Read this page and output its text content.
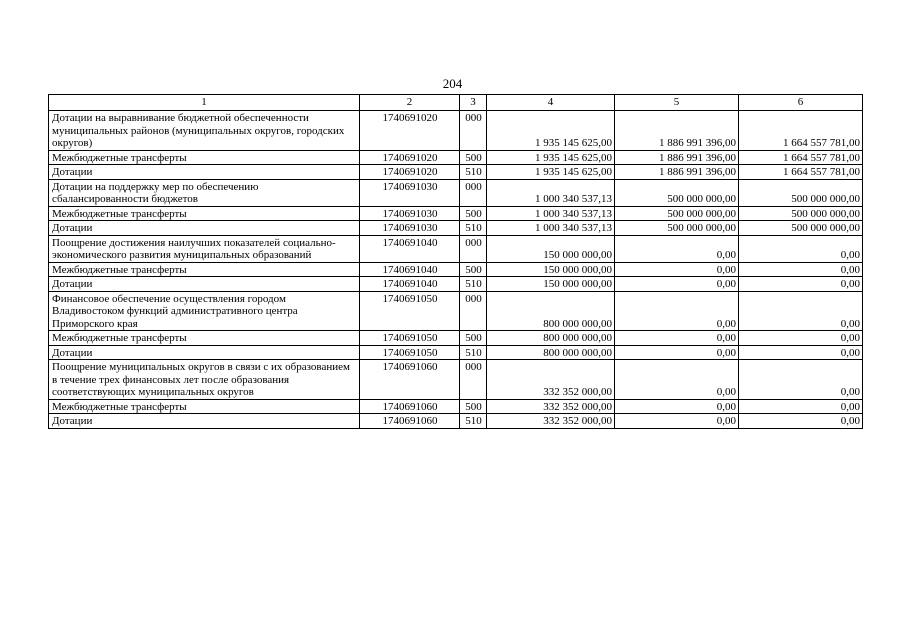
204
1	2	3	4	5	6
Дотации на выравнивание бюджетной обеспеченности муниципальных районов (муниципальных округов, городских округов)	1740691020	000	1 935 145 625,00	1 886 991 396,00	1 664 557 781,00
Межбюджетные трансферты	1740691020	500	1 935 145 625,00	1 886 991 396,00	1 664 557 781,00
Дотации	1740691020	510	1 935 145 625,00	1 886 991 396,00	1 664 557 781,00
Дотации на поддержку мер по обеспечению сбалансированности бюджетов	1740691030	000	1 000 340 537,13	500 000 000,00	500 000 000,00
Межбюджетные трансферты	1740691030	500	1 000 340 537,13	500 000 000,00	500 000 000,00
Дотации	1740691030	510	1 000 340 537,13	500 000 000,00	500 000 000,00
Поощрение достижения наилучших показателей социально-экономического развития муниципальных образований	1740691040	000	150 000 000,00	0,00	0,00
Межбюджетные трансферты	1740691040	500	150 000 000,00	0,00	0,00
Дотации	1740691040	510	150 000 000,00	0,00	0,00
Финансовое обеспечение осуществления городом Владивостоком функций административного центра Приморского края	1740691050	000	800 000 000,00	0,00	0,00
Межбюджетные трансферты	1740691050	500	800 000 000,00	0,00	0,00
Дотации	1740691050	510	800 000 000,00	0,00	0,00
Поощрение муниципальных округов в связи с их образованием в течение трех финансовых лет после образования соответствующих муниципальных округов	1740691060	000	332 352 000,00	0,00	0,00
Межбюджетные трансферты	1740691060	500	332 352 000,00	0,00	0,00
Дотации	1740691060	510	332 352 000,00	0,00	0,00
